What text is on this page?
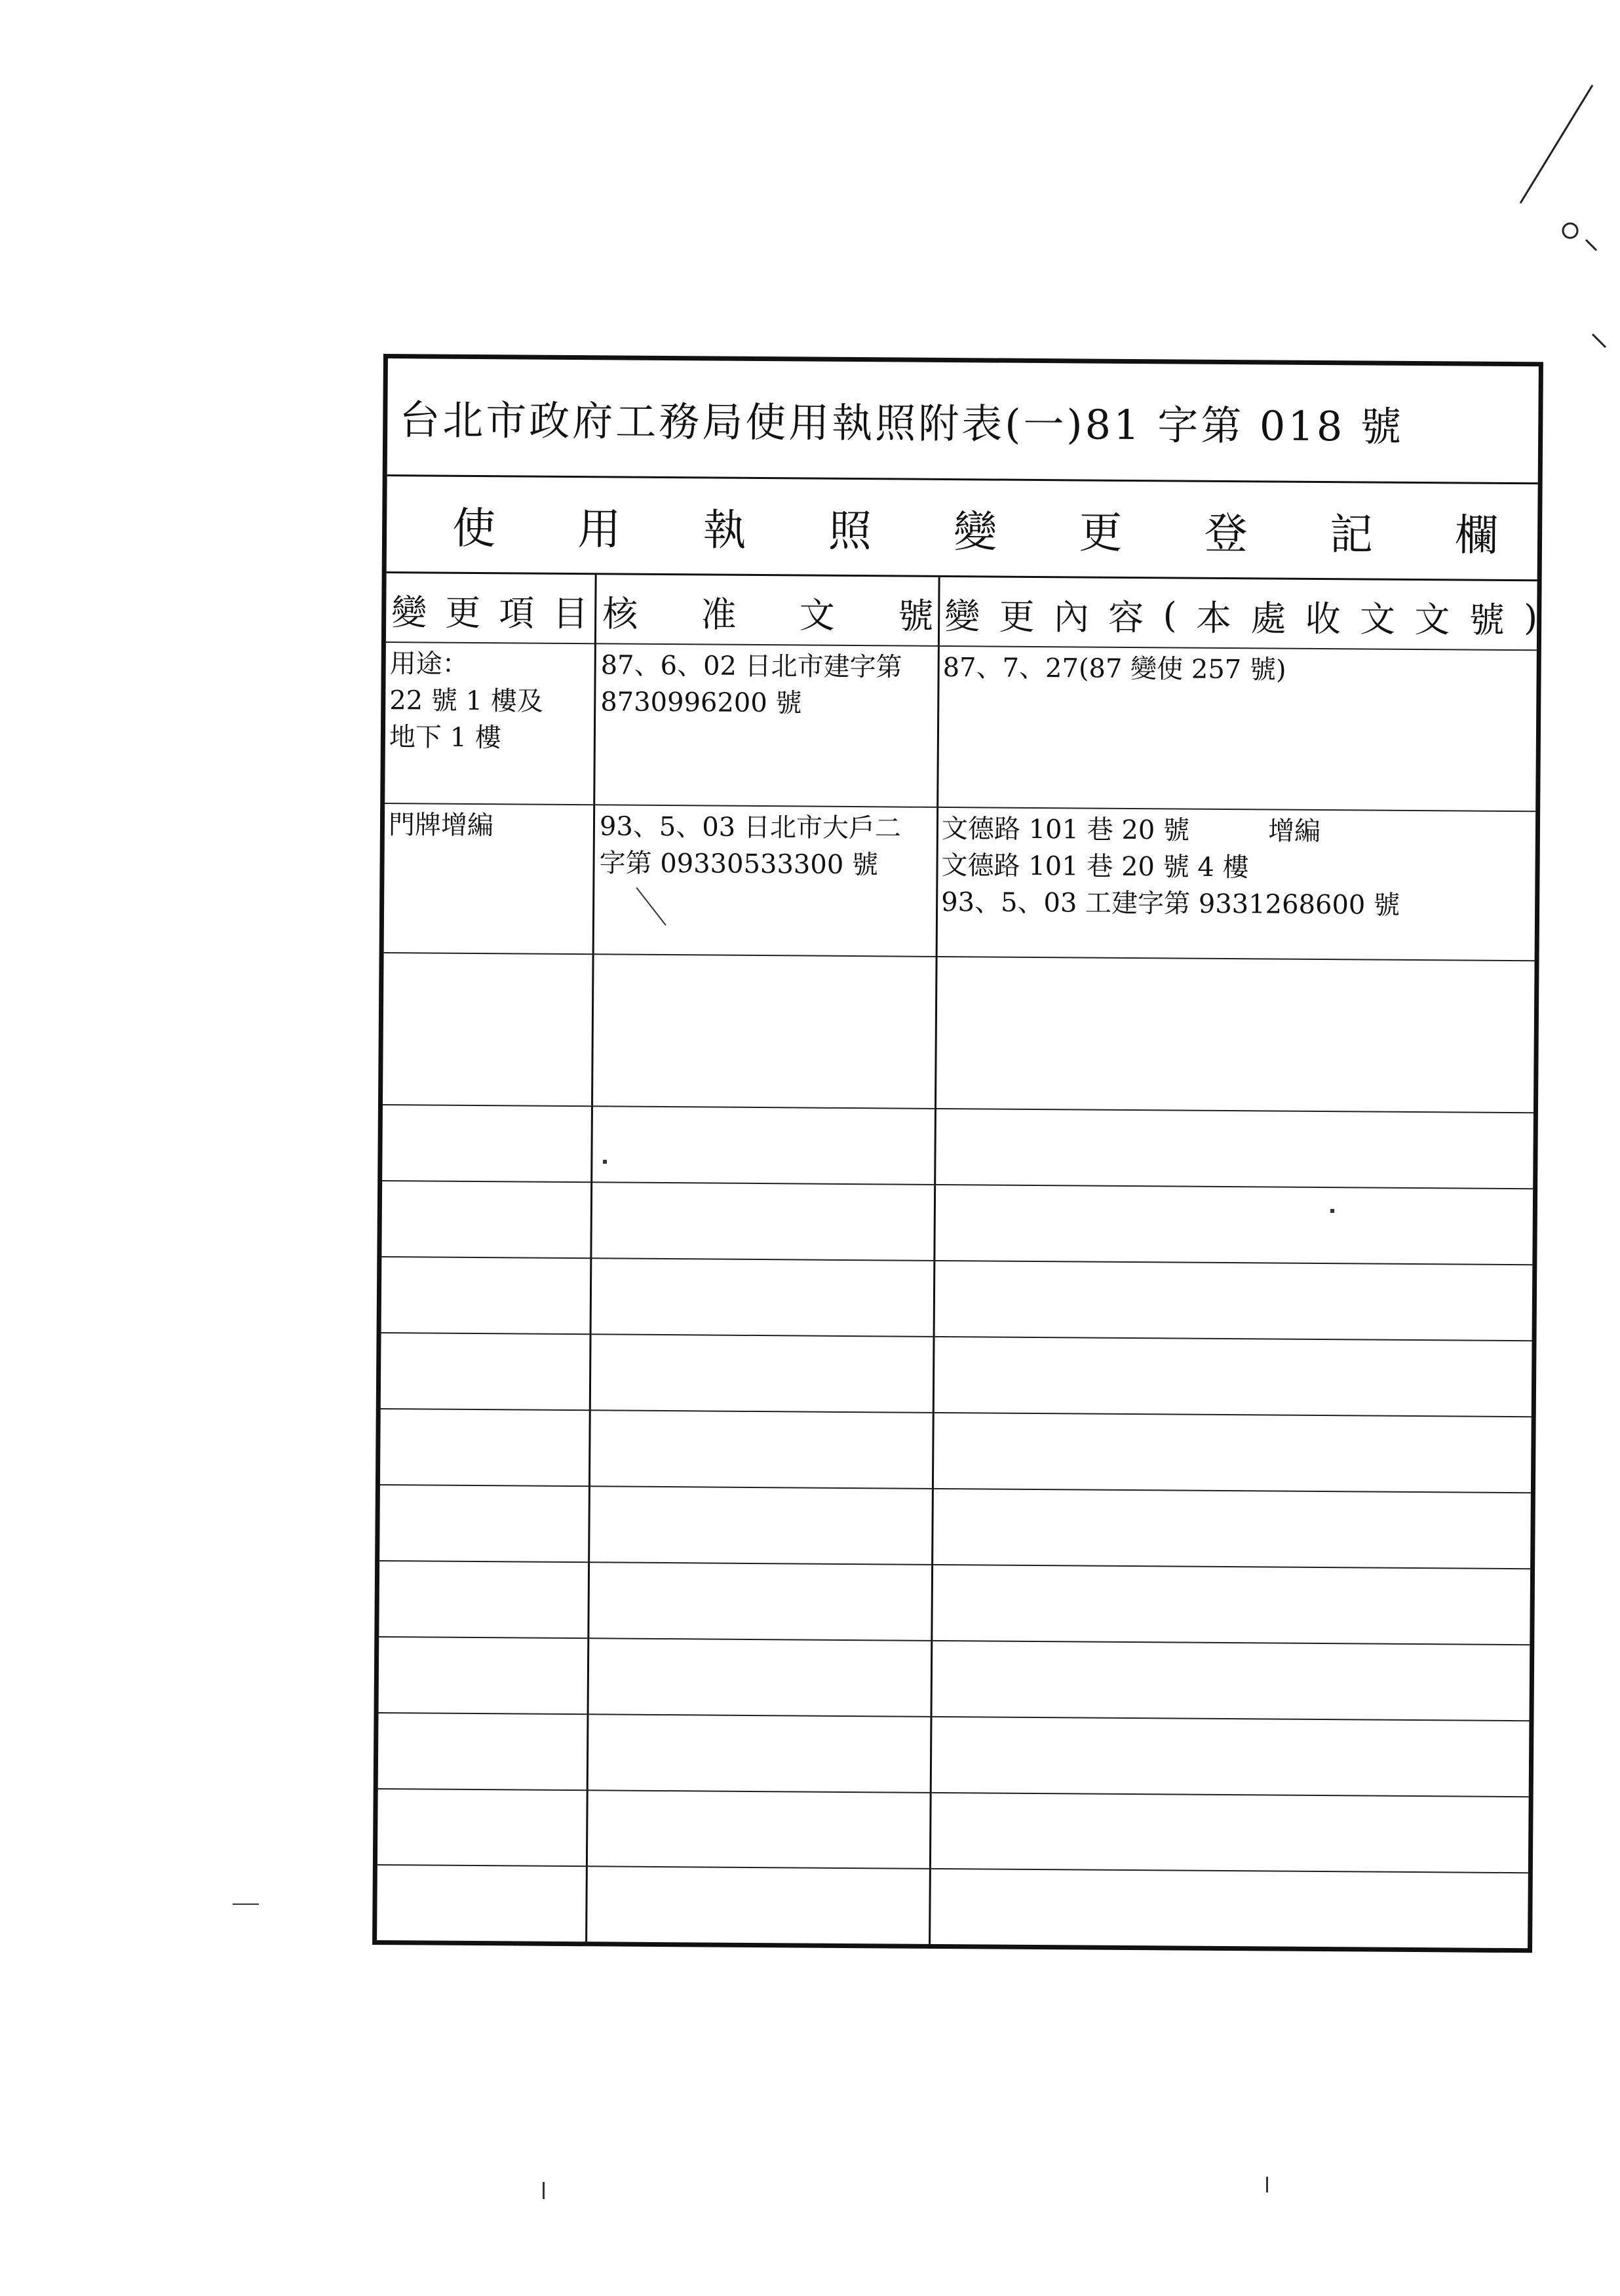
台北市政府工務局使用執照附表(一)81 字第 018 號
使 用 執 照 變 更 登 記 欄
變 更 項 目 核 准 文 號 變 更 內 容 ( 本 處 收 文 文 號 )
用途：
22 號 1 樓及
地下 1 樓
87、6、02 日北市建字第
8730996200 號
87、7、27(87 變使 257 號)
門牌增編	93、5、03 日北市大戶二
字第 09330533300 號
文德路 101 巷 20 號　　　增編
文德路 101 巷 20 號 4 樓
93、5、03 工建字第 9331268600 號
